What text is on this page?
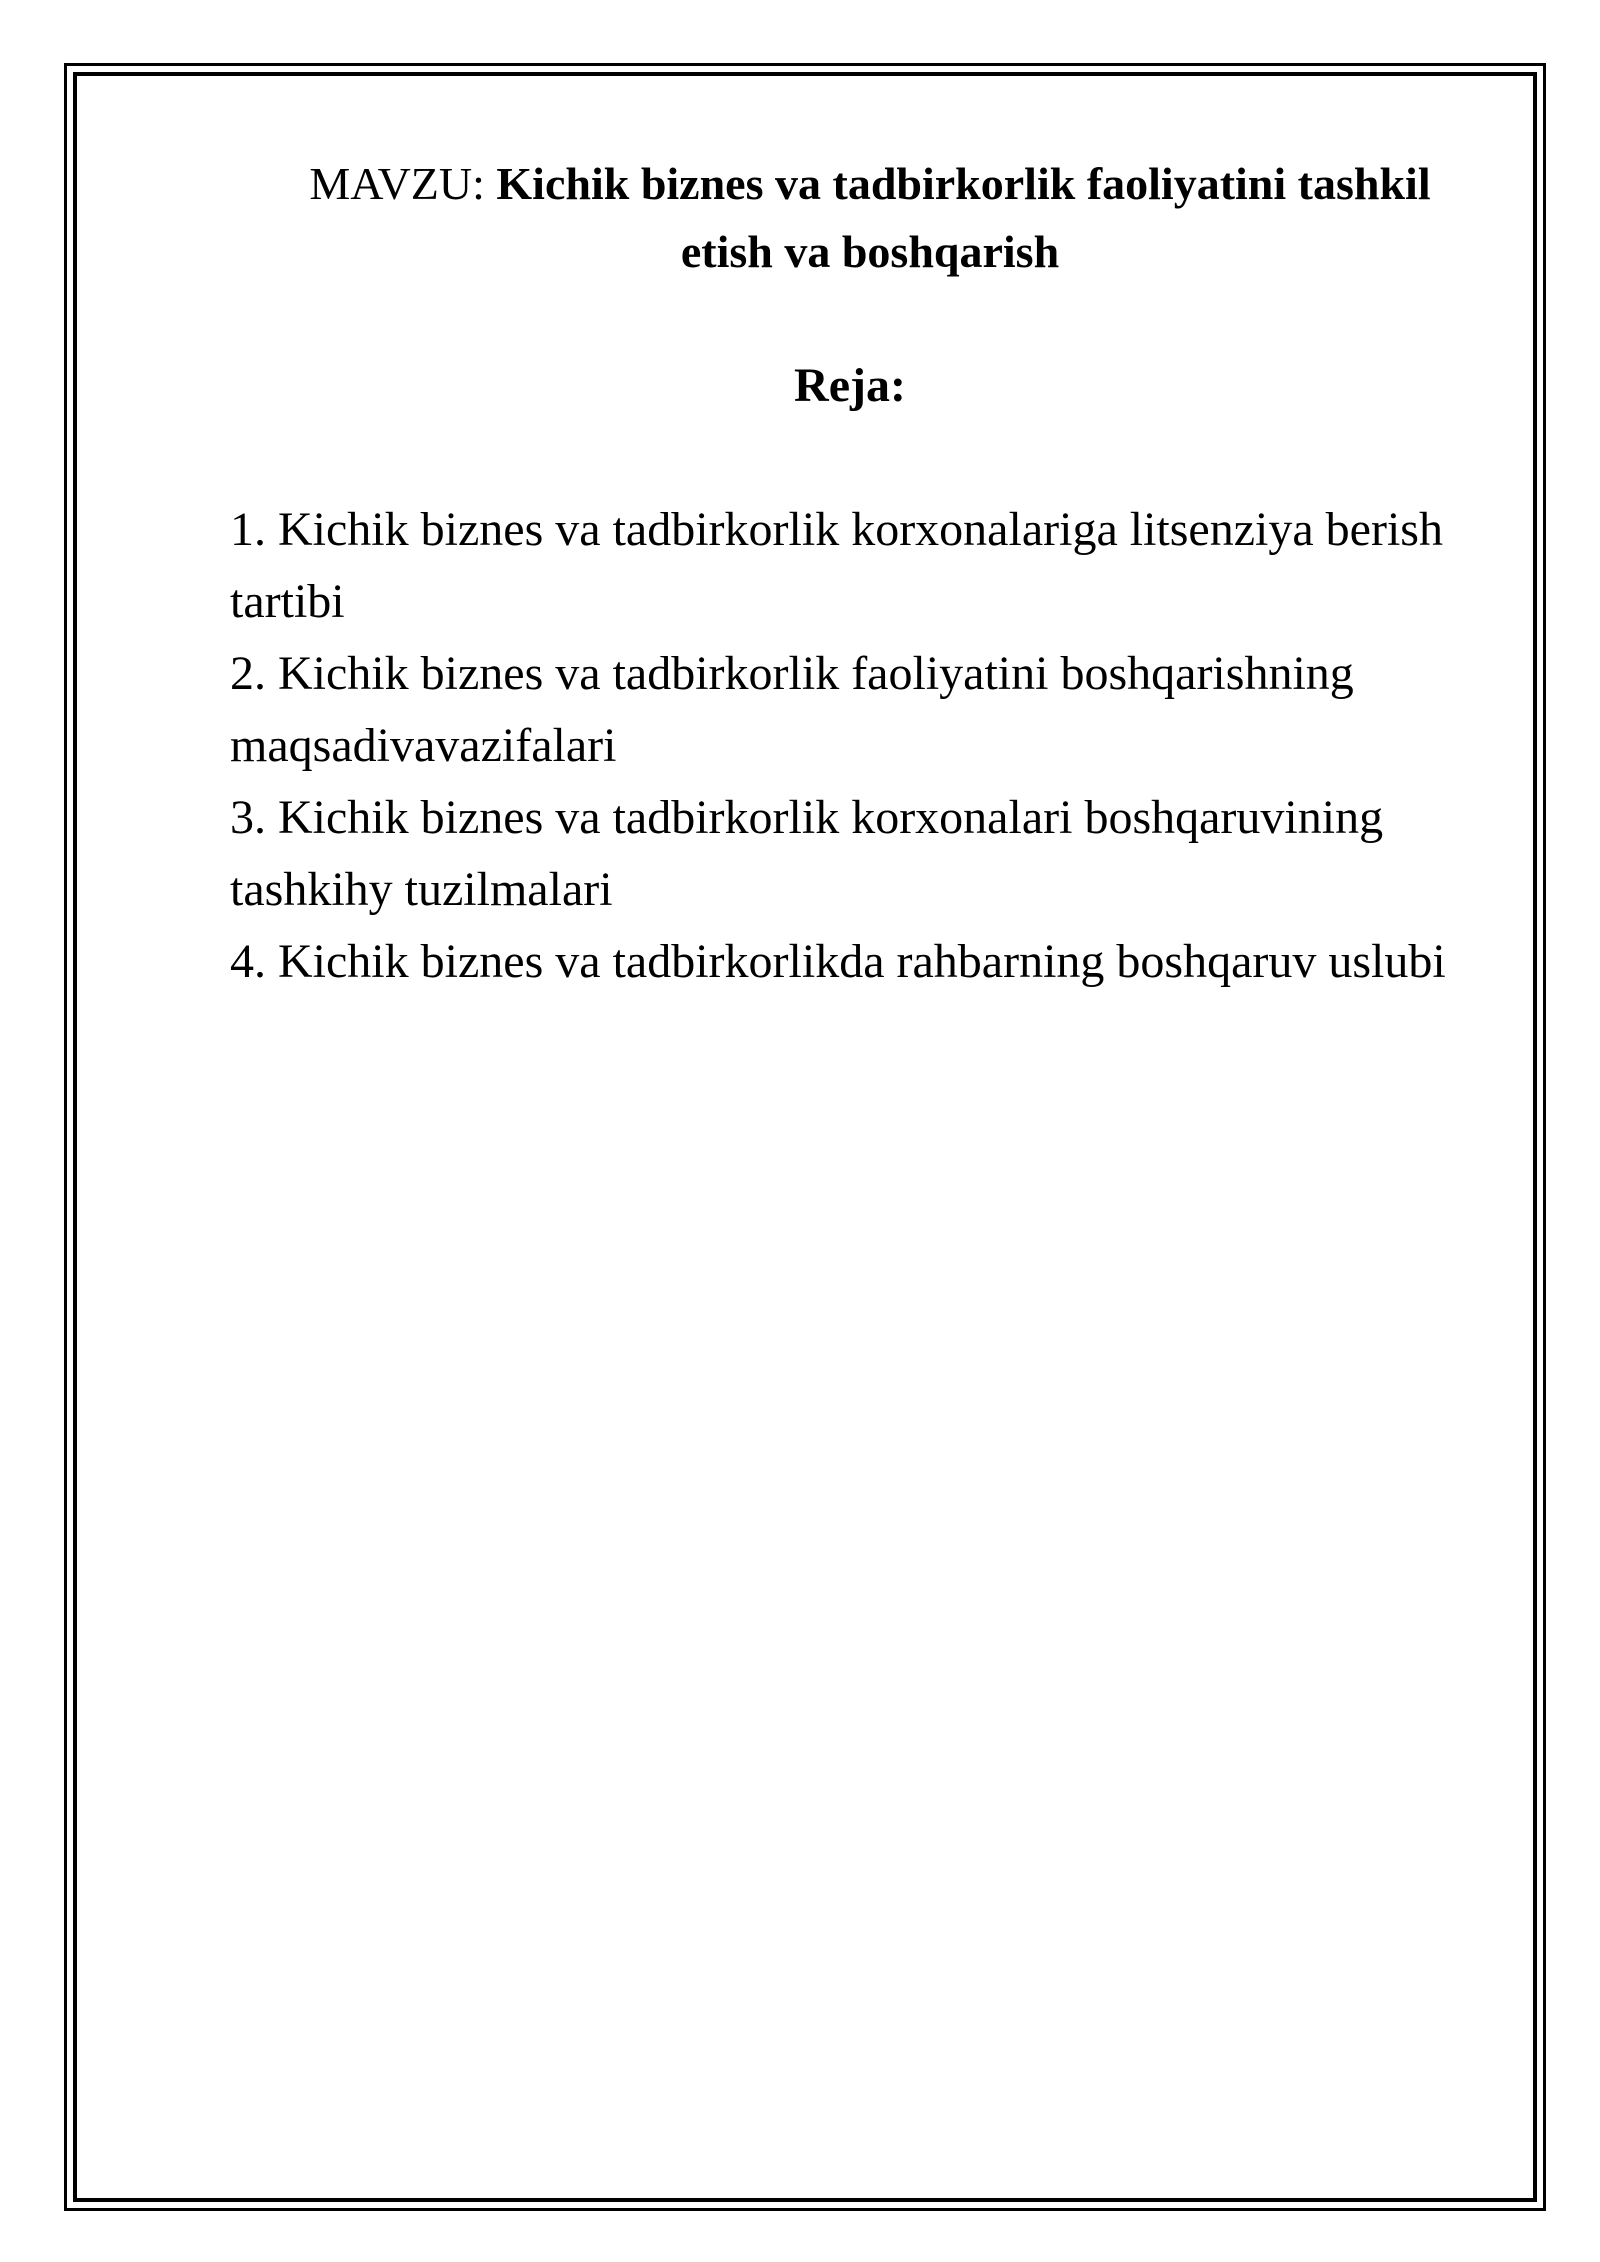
MAVZU: Kichik biznes va tadbirkorlik faoliyatini tashkil etish va boshqarish
Reja:
1. Kichik biznes va tadbirkorlik korxonalariga litsenziya berish tartibi
2. Kichik biznes va tadbirkorlik faoliyatini boshqarishning maqsadivavazifalari
3. Kichik biznes va tadbirkorlik korxonalari boshqaruvining tashkihy tuzilmalari
4. Kichik biznes va tadbirkorlikda rahbarning boshqaruv uslubi
